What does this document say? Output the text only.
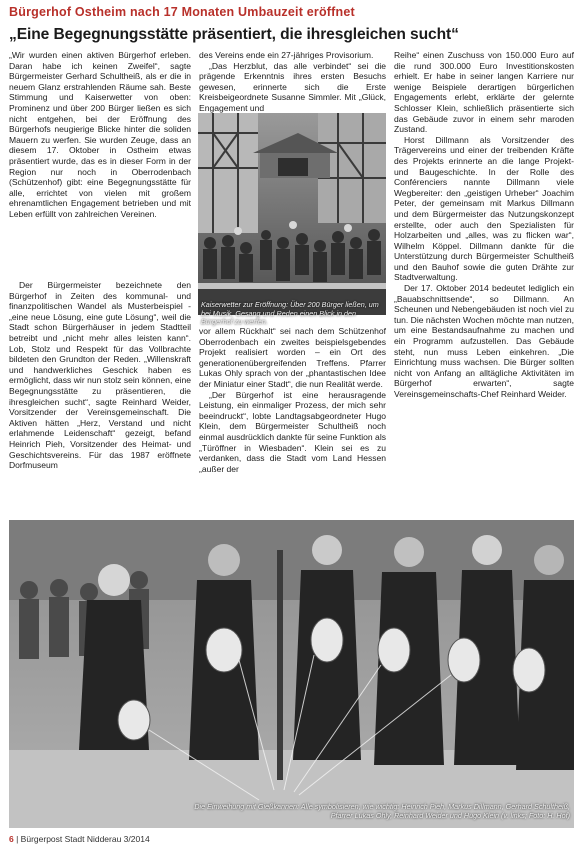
Bürgerhof Ostheim nach 17 Monaten Umbauzeit eröffnet
„Eine Begegnungsstätte präsentiert, die ihresgleichen sucht“

„Wir wurden einen aktiven Bürgerhof erleben. Daran habe ich keinen Zweifel“, sagte Bürgermeister Gerhard Schultheiß, als er die in neuem Glanz erstrahlenden Räume sah. Beste Stimmung und Kaiserwetter von oben: Prominenz und über 200 Bürger ließen es sich nicht entgehen, bei der Eröffnung des Bürgerhofs neugierige Blicke hinter die soliden Mauern zu werfen. Sie wurden Zeuge, dass an diesem 17. Oktober in Ostheim etwas präsentiert wurde, das es in dieser Form in der Region nur noch in Oberrodenbach (Schützenhof) gibt: eine Begegnungsstätte für alle, errichtet von vielen mit großem ehrenamtlichen Engagement betrieben und mit Leben erfüllt von zahlreichen Vereinen.

Der Bürgermeister bezeichnete den Bürgerhof in Zeiten des kommunal- und finanzpolitischen Wandel als Musterbeispiel - „eine neue Lösung, eine gute Lösung“, weil die Stadt schon Bürgerhäuser in jedem Stadtteil betreibt und „nicht mehr alles leisten kann“. Lob, Stolz und Respekt für das Vollbrachte bildeten den Grundton der Reden. „Willenskraft und handwerkliches Geschick haben es ermöglicht, dass wir nun stolz sein können, eine Begegnungsstätte zu präsentieren, die ihresgleichen sucht“, sagte Reinhard Weider, Vorsitzender der Vereinsgemeinschaft. Die Aktiven hätten „Herz, Verstand und nicht erlahmende Leidenschaft“ gezeigt, befand Heinrich Pieh, Vorsitzender des Heimat- und Geschichtsvereins. Für das 1987 eröffnete Dorfmuseum

des Vereins ende ein 27-jähriges Provisorium.

„Das Herzblut, das alle verbindet“ sei die prägende Erkenntnis ihres ersten Besuchs gewesen, erinnerte sich die Erste Kreisbeigeordnete Susanne Simmler. Mit „Glück, Engagement und

Kaiserwetter zur Eröffnung: Über 200 Bürger ließen, um bei Musik, Gesang und Reden einen Blick in den Bürgerhof zu werfen.

vor allem Rückhalt“ sei nach dem Schützenhof Oberrodenbach ein zweites beispielsgebendes Projekt realisiert worden – ein Ort des generationenübergreifenden Treffens. Pfarrer Lukas Ohly sprach von der „phantastischen Idee der Miniatur einer Stadt“, die nun Realität werde.

„Der Bürgerhof ist eine herausragende Leistung, ein einmaliger Prozess, der mich sehr beeindruckt“, lobte Landtagsabgeordneter Hugo Klein, dem Bürgermeister Schultheiß noch einmal ausdrücklich dankte für seine Funktion als „Türöffner in Wiesbaden“. Klein sei es zu verdanken, dass die Stadt vom Land Hessen „außer der

Reihe“ einen Zuschuss von 150.000 Euro auf die rund 300.000 Euro Investitionskosten erhielt. Er habe in seiner langen Karriere nur wenige Beispiele derartigen bürgerlichen Engagements erlebt, erklärte der gelernte Schlosser Klein, schließlich präsentierte sich das Gebäude zuvor in einem sehr maroden Zustand.

Horst Dillmann als Vorsitzender des Trägervereins und einer der treibenden Kräfte des Projekts erinnerte an die lange Projekt- und Baugeschichte. In der Rolle des Conférenciers nannte Dillmann viele Wegbereiter: den „geistigen Urheber“ Joachim Peter, der gemeinsam mit Markus Dillmann und dem Bürgermeister das Nutzungskonzept erstellte, oder auch den Spezialisten für Holzarbeiten und „alles, was zu flicken war“, Wilhelm Köppel. Dillmann dankte für die Unterstützung durch Bürgermeister Schultheiß und den Bauhof sowie die guten Drähte zur Stadtverwaltung.

Der 17. Oktober 2014 bedeutet lediglich ein „Bauabschnittsende“, so Dillmann. An Scheunen und Nebengebäuden ist noch viel zu tun. Die nächsten Wochen möchte man nutzen, um eine Bestandsaufnahme zu machen und ein Programm aufzustellen. Das Gebäude steht, nun muss Leben einkehren. „Die Einrichtung muss wachsen. Die Bürger sollten nicht von Anfang an alltägliche Aktivitäten im Bürgerhof erwarten“, sagte Vereinsgemeinschafts-Chef Reinhard Weider.

Die Einweihung mit Gießkannen: Alle symbolisieren, wie wichtig: Heinrich Pieh, Markus Dillmann, Gerhard Schultheiß, Pfarrer Lukas Ohly, Reinhard Weider und Hugo Klein (v. links; Foto: H. Hof)
6 | Bürgerpost Stadt Nidderau 3/2014
